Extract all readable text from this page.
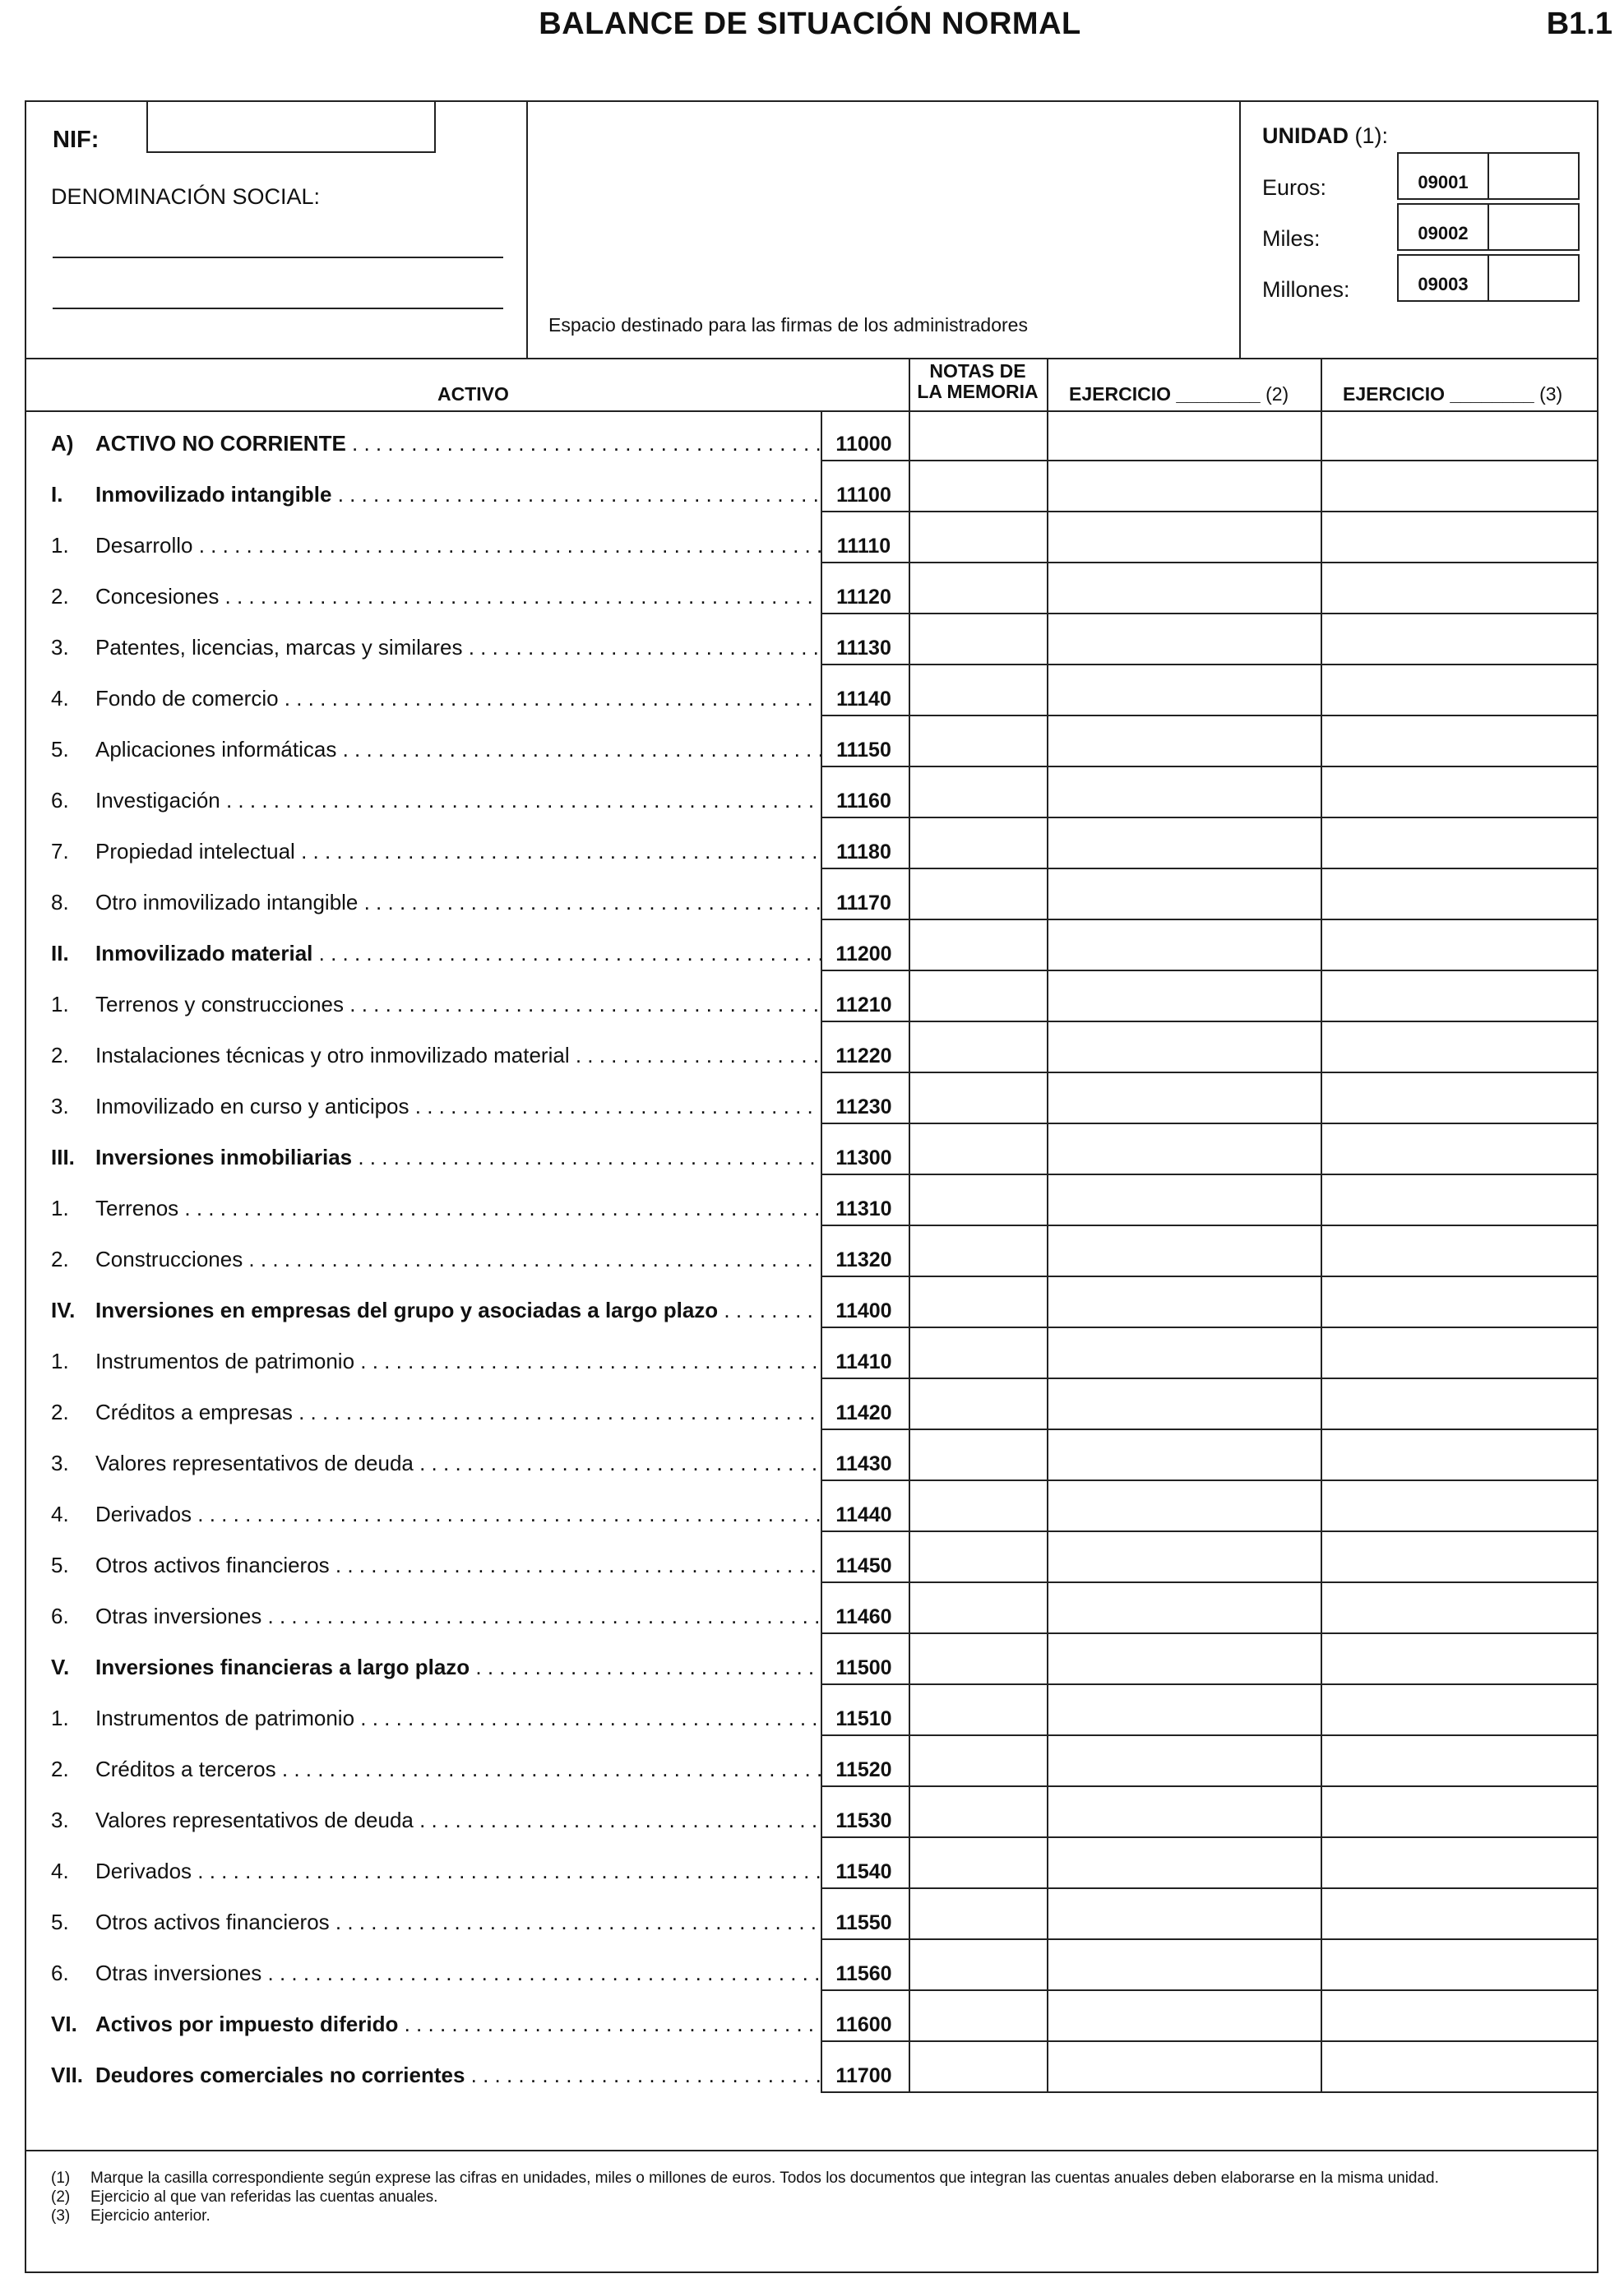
BALANCE DE SITUACIÓN NORMAL	B1.1
NIF:
DENOMINACIÓN SOCIAL:
Espacio destinado para las firmas de los administradores
UNIDAD (1):
Euros:	09001
Miles:	09002
Millones:	09003
ACTIVO
NOTAS DE
LA MEMORIA	EJERCICIO ________ (2)	EJERCICIO ________ (3)
A) ACTIVO NO CORRIENTE . . .	11000
I. Inmovilizado intangible . . .	11100
1. Desarrollo . . .	11110
2. Concesiones . . .	11120
3. Patentes, licencias, marcas y similares . . .	11130
4. Fondo de comercio . . .	11140
5. Aplicaciones informáticas . . .	11150
6. Investigación . . .	11160
7. Propiedad intelectual . . .	11180
8. Otro inmovilizado intangible . . .	11170
II. Inmovilizado material . . .	11200
1. Terrenos y construcciones . . .	11210
2. Instalaciones técnicas y otro inmovilizado material . . .	11220
3. Inmovilizado en curso y anticipos . . .	11230
III. Inversiones inmobiliarias . . .	11300
1. Terrenos . . .	11310
2. Construcciones . . .	11320
IV. Inversiones en empresas del grupo y asociadas a largo plazo . . .	11400
1. Instrumentos de patrimonio . . .	11410
2. Créditos a empresas . . .	11420
3. Valores representativos de deuda . . .	11430
4. Derivados . . .	11440
5. Otros activos financieros . . .	11450
6. Otras inversiones . . .	11460
V. Inversiones financieras a largo plazo . . .	11500
1. Instrumentos de patrimonio . . .	11510
2. Créditos a terceros . . .	11520
3. Valores representativos de deuda . . .	11530
4. Derivados . . .	11540
5. Otros activos financieros . . .	11550
6. Otras inversiones . . .	11560
VI. Activos por impuesto diferido . . .	11600
VII. Deudores comerciales no corrientes . . .	11700
(1) Marque la casilla correspondiente según exprese las cifras en unidades, miles o millones de euros. Todos los documentos que integran las cuentas anuales deben elaborarse en la misma unidad.
(2) Ejercicio al que van referidas las cuentas anuales.
(3) Ejercicio anterior.
